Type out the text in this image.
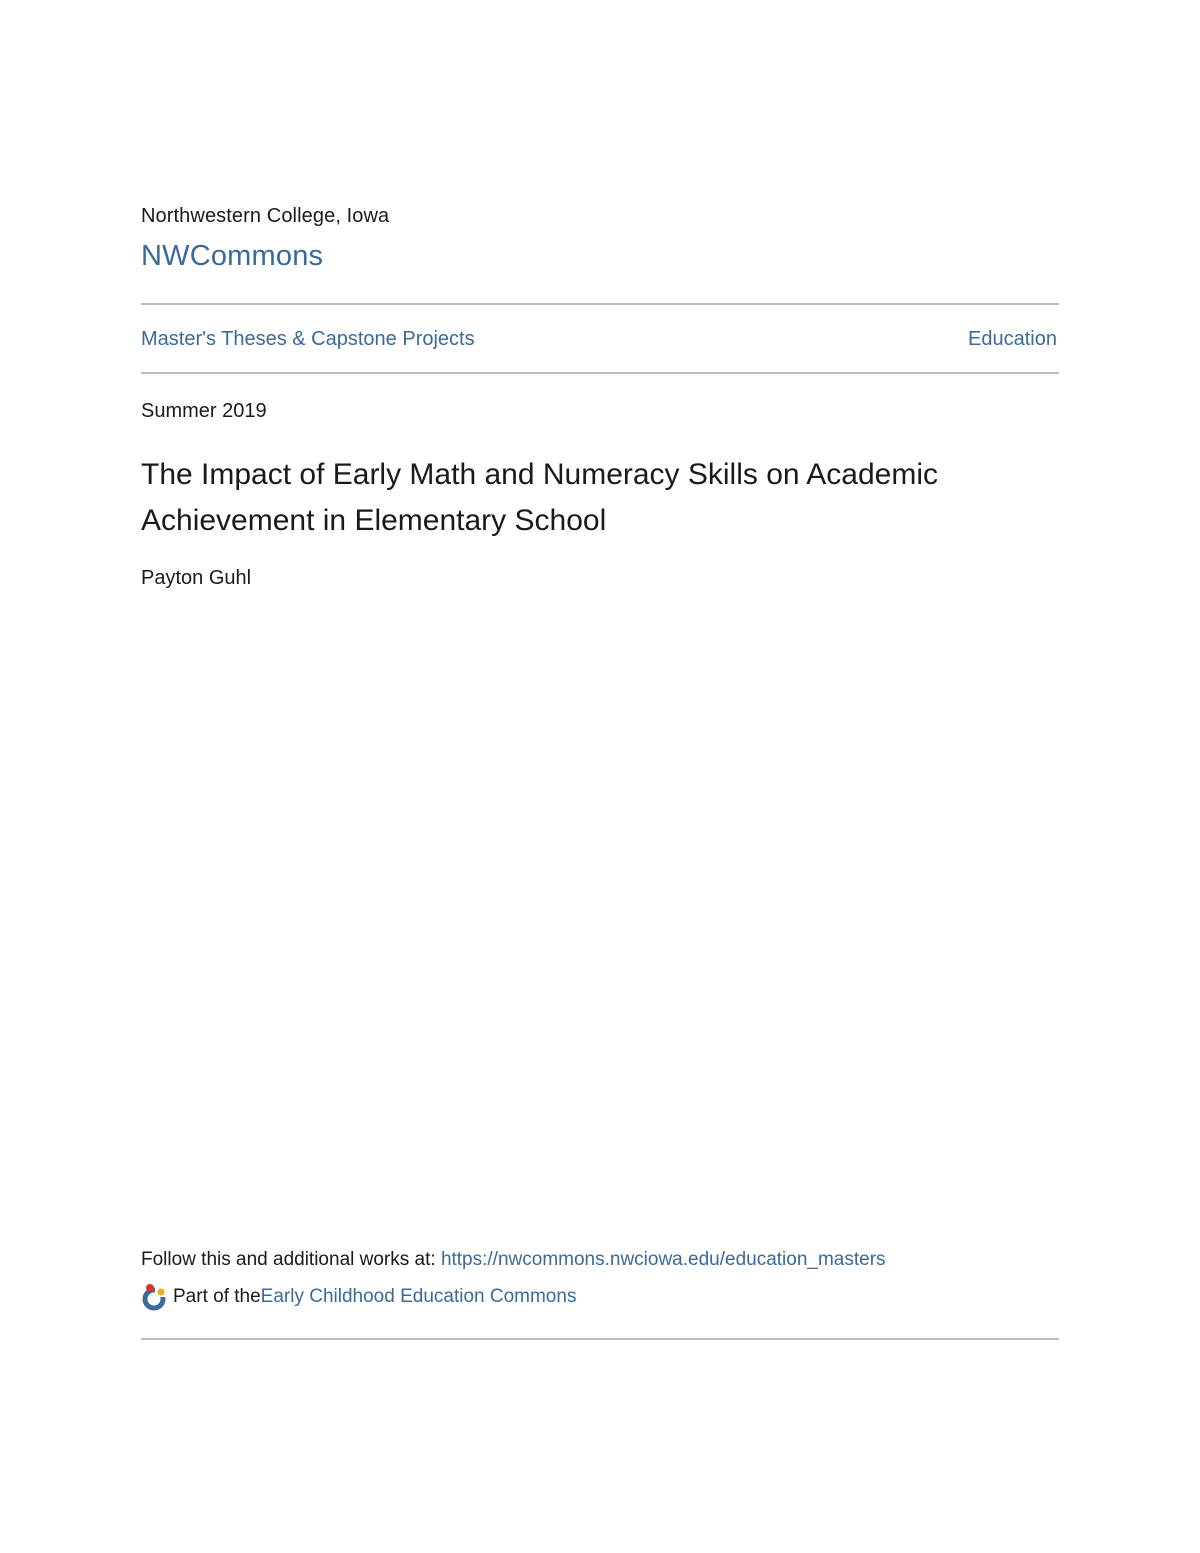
Northwestern College, Iowa
NWCommons
Master's Theses & Capstone Projects	Education
Summer 2019
The Impact of Early Math and Numeracy Skills on Academic Achievement in Elementary School
Payton Guhl
Follow this and additional works at: https://nwcommons.nwciowa.edu/education_masters
Part of the Early Childhood Education Commons
